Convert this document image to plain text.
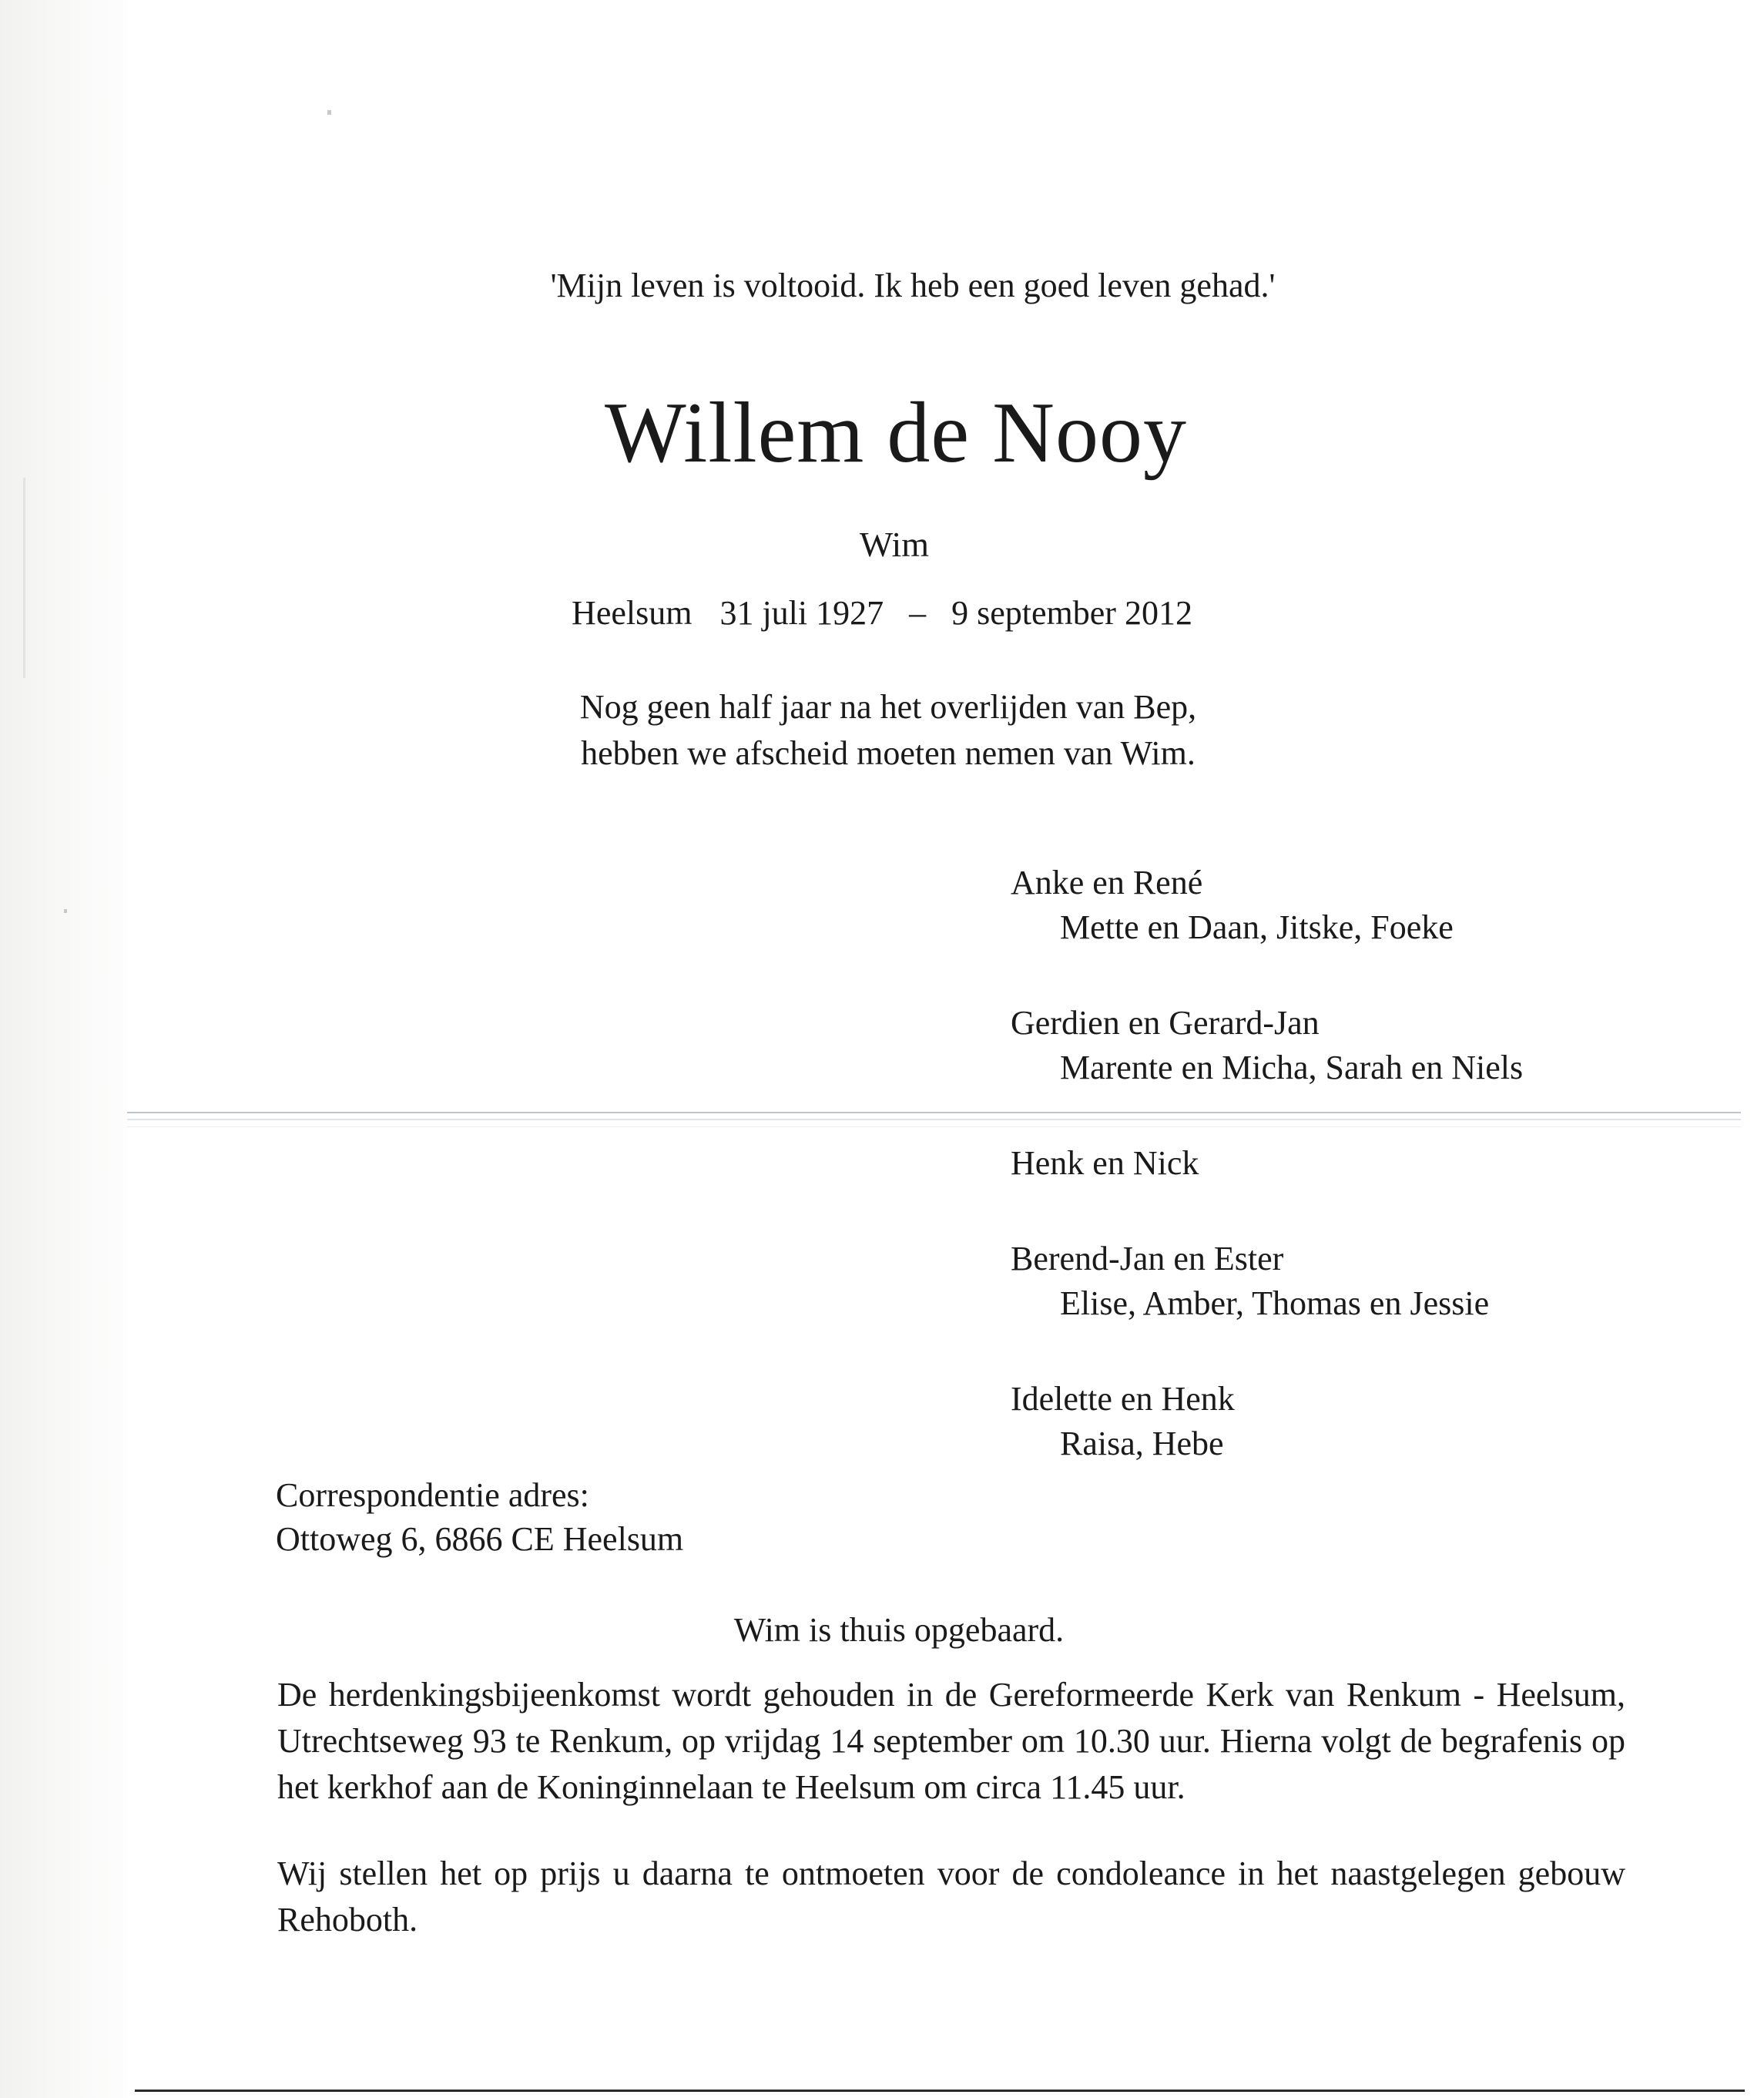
'Mijn leven is voltooid. Ik heb een goed leven gehad.'
Willem de Nooy
Wim
Heelsum 31 juli 1927 – 9 september 2012
Nog geen half jaar na het overlijden van Bep,
hebben we afscheid moeten nemen van Wim.
Anke en René
Mette en Daan, Jitske, Foeke
Gerdien en Gerard-Jan
Marente en Micha, Sarah en Niels
Henk en Nick
Berend-Jan en Ester
Elise, Amber, Thomas en Jessie
Idelette en Henk
Raisa, Hebe
Correspondentie adres:
Ottoweg 6, 6866 CE Heelsum
Wim is thuis opgebaard.
De herdenkingsbijeenkomst wordt gehouden in de Gereformeerde Kerk van Renkum - Heelsum, Utrechtseweg 93 te Renkum, op vrijdag 14 september om 10.30 uur. Hierna volgt de begrafenis op het kerkhof aan de Koninginnelaan te Heelsum om circa 11.45 uur.
Wij stellen het op prijs u daarna te ontmoeten voor de condoleance in het naastgelegen gebouw Rehoboth.
